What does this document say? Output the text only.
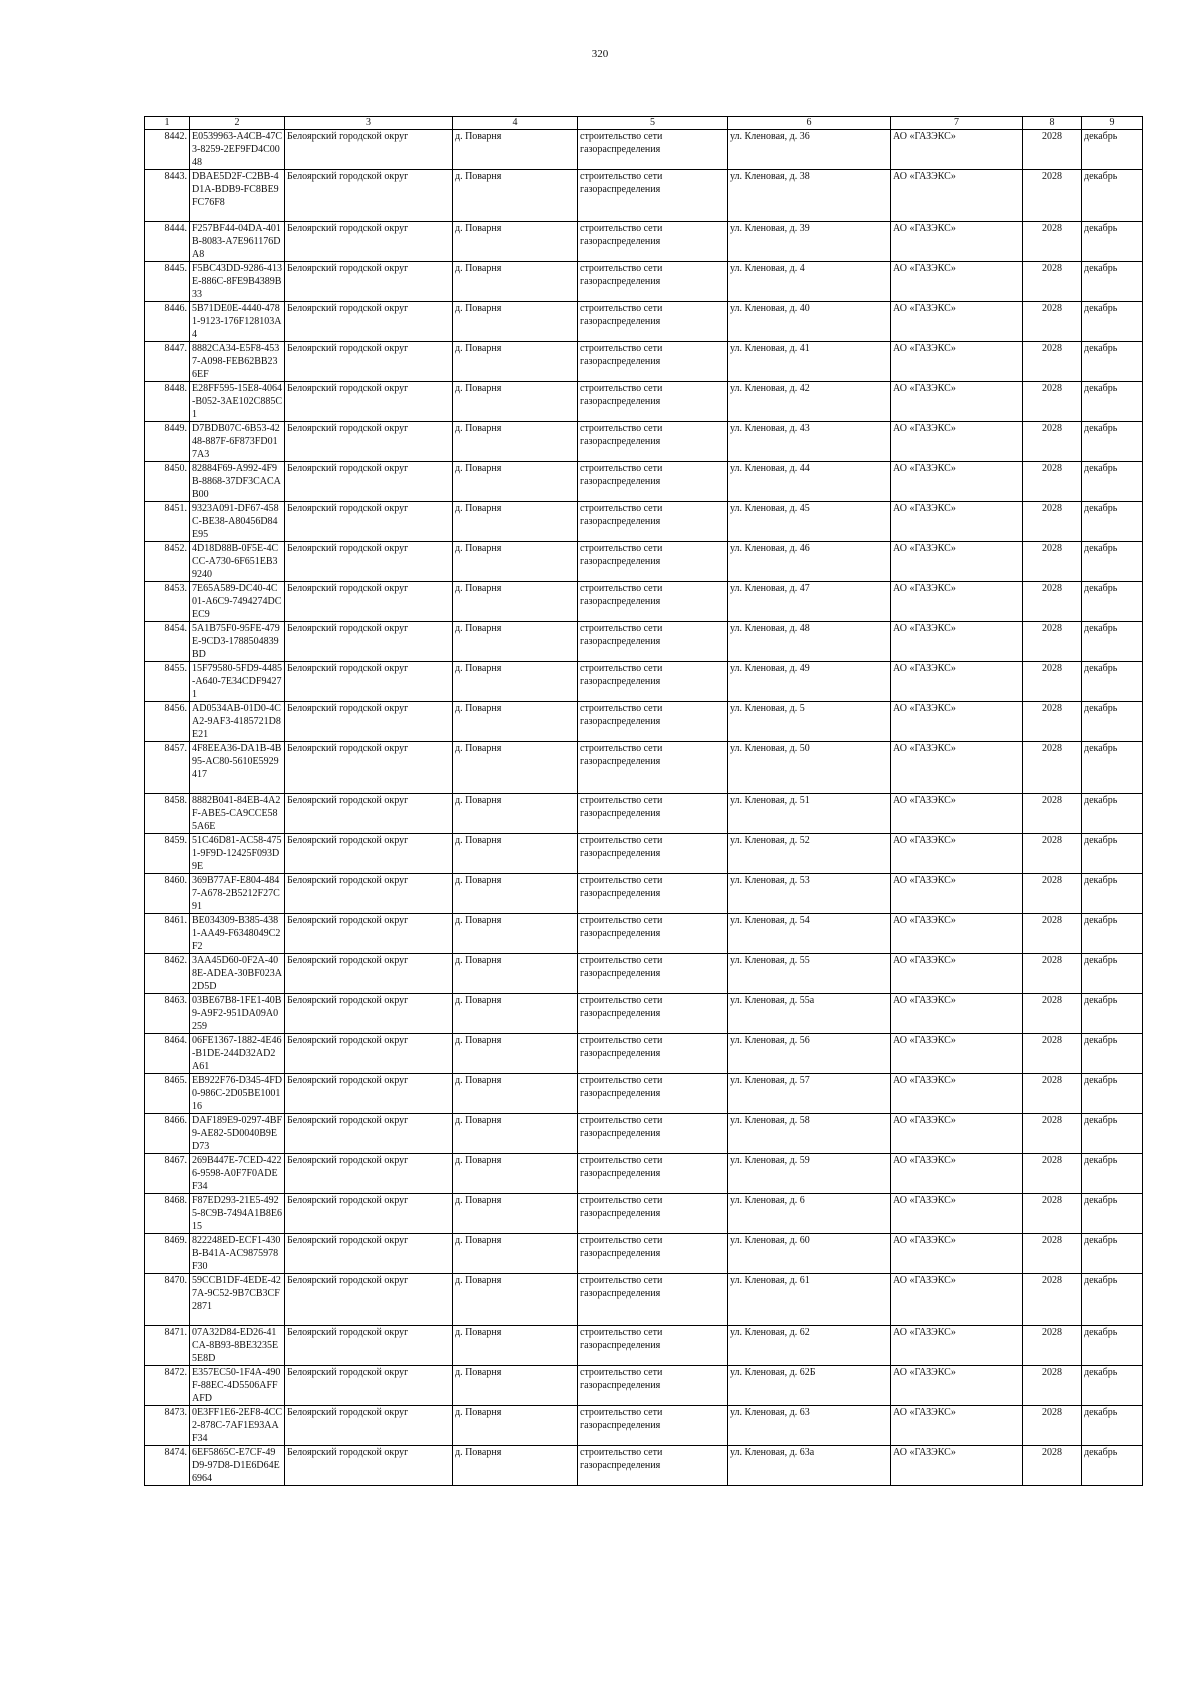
320
1	2	3	4	5	6	7	8	9
8442.	E0539963-A4CB-47C3-8259-2EF9FD4C0048	Белоярский городской округ	д. Поварня	строительство сети газораспределения	ул. Кленовая, д. 36	АО «ГАЗЭКС»	2028	декабрь
8443.	DBAE5D2F-C2BB-4D1A-BDB9-FC8BE9FC76F8	Белоярский городской округ	д. Поварня	строительство сети газораспределения	ул. Кленовая, д. 38	АО «ГАЗЭКС»	2028	декабрь
8444.	F257BF44-04DA-401B-8083-A7E961176DA8	Белоярский городской округ	д. Поварня	строительство сети газораспределения	ул. Кленовая, д. 39	АО «ГАЗЭКС»	2028	декабрь
8445.	F5BC43DD-9286-413E-886C-8FE9B4389B33	Белоярский городской округ	д. Поварня	строительство сети газораспределения	ул. Кленовая, д. 4	АО «ГАЗЭКС»	2028	декабрь
8446.	5B71DE0E-4440-4781-9123-176F128103A4	Белоярский городской округ	д. Поварня	строительство сети газораспределения	ул. Кленовая, д. 40	АО «ГАЗЭКС»	2028	декабрь
8447.	8882CA34-E5F8-4537-A098-FEB62BB236EF	Белоярский городской округ	д. Поварня	строительство сети газораспределения	ул. Кленовая, д. 41	АО «ГАЗЭКС»	2028	декабрь
8448.	E28FF595-15E8-4064-B052-3AE102C885C1	Белоярский городской округ	д. Поварня	строительство сети газораспределения	ул. Кленовая, д. 42	АО «ГАЗЭКС»	2028	декабрь
8449.	D7BDB07C-6B53-4248-887F-6F873FD017A3	Белоярский городской округ	д. Поварня	строительство сети газораспределения	ул. Кленовая, д. 43	АО «ГАЗЭКС»	2028	декабрь
8450.	82884F69-A992-4F9B-8868-37DF3CACAB00	Белоярский городской округ	д. Поварня	строительство сети газораспределения	ул. Кленовая, д. 44	АО «ГАЗЭКС»	2028	декабрь
8451.	9323A091-DF67-458C-BE38-A80456D84E95	Белоярский городской округ	д. Поварня	строительство сети газораспределения	ул. Кленовая, д. 45	АО «ГАЗЭКС»	2028	декабрь
8452.	4D18D88B-0F5E-4CCC-A730-6F651EB39240	Белоярский городской округ	д. Поварня	строительство сети газораспределения	ул. Кленовая, д. 46	АО «ГАЗЭКС»	2028	декабрь
8453.	7E65A589-DC40-4C01-A6C9-7494274DCEC9	Белоярский городской округ	д. Поварня	строительство сети газораспределения	ул. Кленовая, д. 47	АО «ГАЗЭКС»	2028	декабрь
8454.	5A1B75F0-95FE-479E-9CD3-1788504839BD	Белоярский городской округ	д. Поварня	строительство сети газораспределения	ул. Кленовая, д. 48	АО «ГАЗЭКС»	2028	декабрь
8455.	15F79580-5FD9-4485-A640-7E34CDF94271	Белоярский городской округ	д. Поварня	строительство сети газораспределения	ул. Кленовая, д. 49	АО «ГАЗЭКС»	2028	декабрь
8456.	AD0534AB-01D0-4CA2-9AF3-4185721D8E21	Белоярский городской округ	д. Поварня	строительство сети газораспределения	ул. Кленовая, д. 5	АО «ГАЗЭКС»	2028	декабрь
8457.	4F8EEA36-DA1B-4B95-AC80-5610E5929417	Белоярский городской округ	д. Поварня	строительство сети газораспределения	ул. Кленовая, д. 50	АО «ГАЗЭКС»	2028	декабрь
8458.	8882B041-84EB-4A2F-ABE5-CA9CCE585A6E	Белоярский городской округ	д. Поварня	строительство сети газораспределения	ул. Кленовая, д. 51	АО «ГАЗЭКС»	2028	декабрь
8459.	51C46D81-AC58-4751-9F9D-12425F093D9E	Белоярский городской округ	д. Поварня	строительство сети газораспределения	ул. Кленовая, д. 52	АО «ГАЗЭКС»	2028	декабрь
8460.	369B77AF-E804-4847-A678-2B5212F27C91	Белоярский городской округ	д. Поварня	строительство сети газораспределения	ул. Кленовая, д. 53	АО «ГАЗЭКС»	2028	декабрь
8461.	BE034309-B385-4381-AA49-F6348049C2F2	Белоярский городской округ	д. Поварня	строительство сети газораспределения	ул. Кленовая, д. 54	АО «ГАЗЭКС»	2028	декабрь
8462.	3AA45D60-0F2A-408E-ADEA-30BF023A2D5D	Белоярский городской округ	д. Поварня	строительство сети газораспределения	ул. Кленовая, д. 55	АО «ГАЗЭКС»	2028	декабрь
8463.	03BE67B8-1FE1-40B9-A9F2-951DA09A0259	Белоярский городской округ	д. Поварня	строительство сети газораспределения	ул. Кленовая, д. 55а	АО «ГАЗЭКС»	2028	декабрь
8464.	06FE1367-1882-4E46-B1DE-244D32AD2A61	Белоярский городской округ	д. Поварня	строительство сети газораспределения	ул. Кленовая, д. 56	АО «ГАЗЭКС»	2028	декабрь
8465.	EB922F76-D345-4FD0-986C-2D05BE100116	Белоярский городской округ	д. Поварня	строительство сети газораспределения	ул. Кленовая, д. 57	АО «ГАЗЭКС»	2028	декабрь
8466.	DAF189E9-0297-4BF9-AE82-5D0040B9ED73	Белоярский городской округ	д. Поварня	строительство сети газораспределения	ул. Кленовая, д. 58	АО «ГАЗЭКС»	2028	декабрь
8467.	269B447E-7CED-4226-9598-A0F7F0ADEF34	Белоярский городской округ	д. Поварня	строительство сети газораспределения	ул. Кленовая, д. 59	АО «ГАЗЭКС»	2028	декабрь
8468.	F87ED293-21E5-4925-8C9B-7494A1B8E615	Белоярский городской округ	д. Поварня	строительство сети газораспределения	ул. Кленовая, д. 6	АО «ГАЗЭКС»	2028	декабрь
8469.	822248ED-ECF1-430B-B41A-AC9875978F30	Белоярский городской округ	д. Поварня	строительство сети газораспределения	ул. Кленовая, д. 60	АО «ГАЗЭКС»	2028	декабрь
8470.	59CCB1DF-4EDE-427A-9C52-9B7CB3CF2871	Белоярский городской округ	д. Поварня	строительство сети газораспределения	ул. Кленовая, д. 61	АО «ГАЗЭКС»	2028	декабрь
8471.	07A32D84-ED26-41CA-8B93-8BE3235E5E8D	Белоярский городской округ	д. Поварня	строительство сети газораспределения	ул. Кленовая, д. 62	АО «ГАЗЭКС»	2028	декабрь
8472.	E357EC50-1F4A-490F-88EC-4D5506AFFAFD	Белоярский городской округ	д. Поварня	строительство сети газораспределения	ул. Кленовая, д. 62Б	АО «ГАЗЭКС»	2028	декабрь
8473.	0E3FF1E6-2EF8-4CC2-878C-7AF1E93AAF34	Белоярский городской округ	д. Поварня	строительство сети газораспределения	ул. Кленовая, д. 63	АО «ГАЗЭКС»	2028	декабрь
8474.	6EF5865C-E7CF-49D9-97D8-D1E6D64E6964	Белоярский городской округ	д. Поварня	строительство сети газораспределения	ул. Кленовая, д. 63а	АО «ГАЗЭКС»	2028	декабрь
